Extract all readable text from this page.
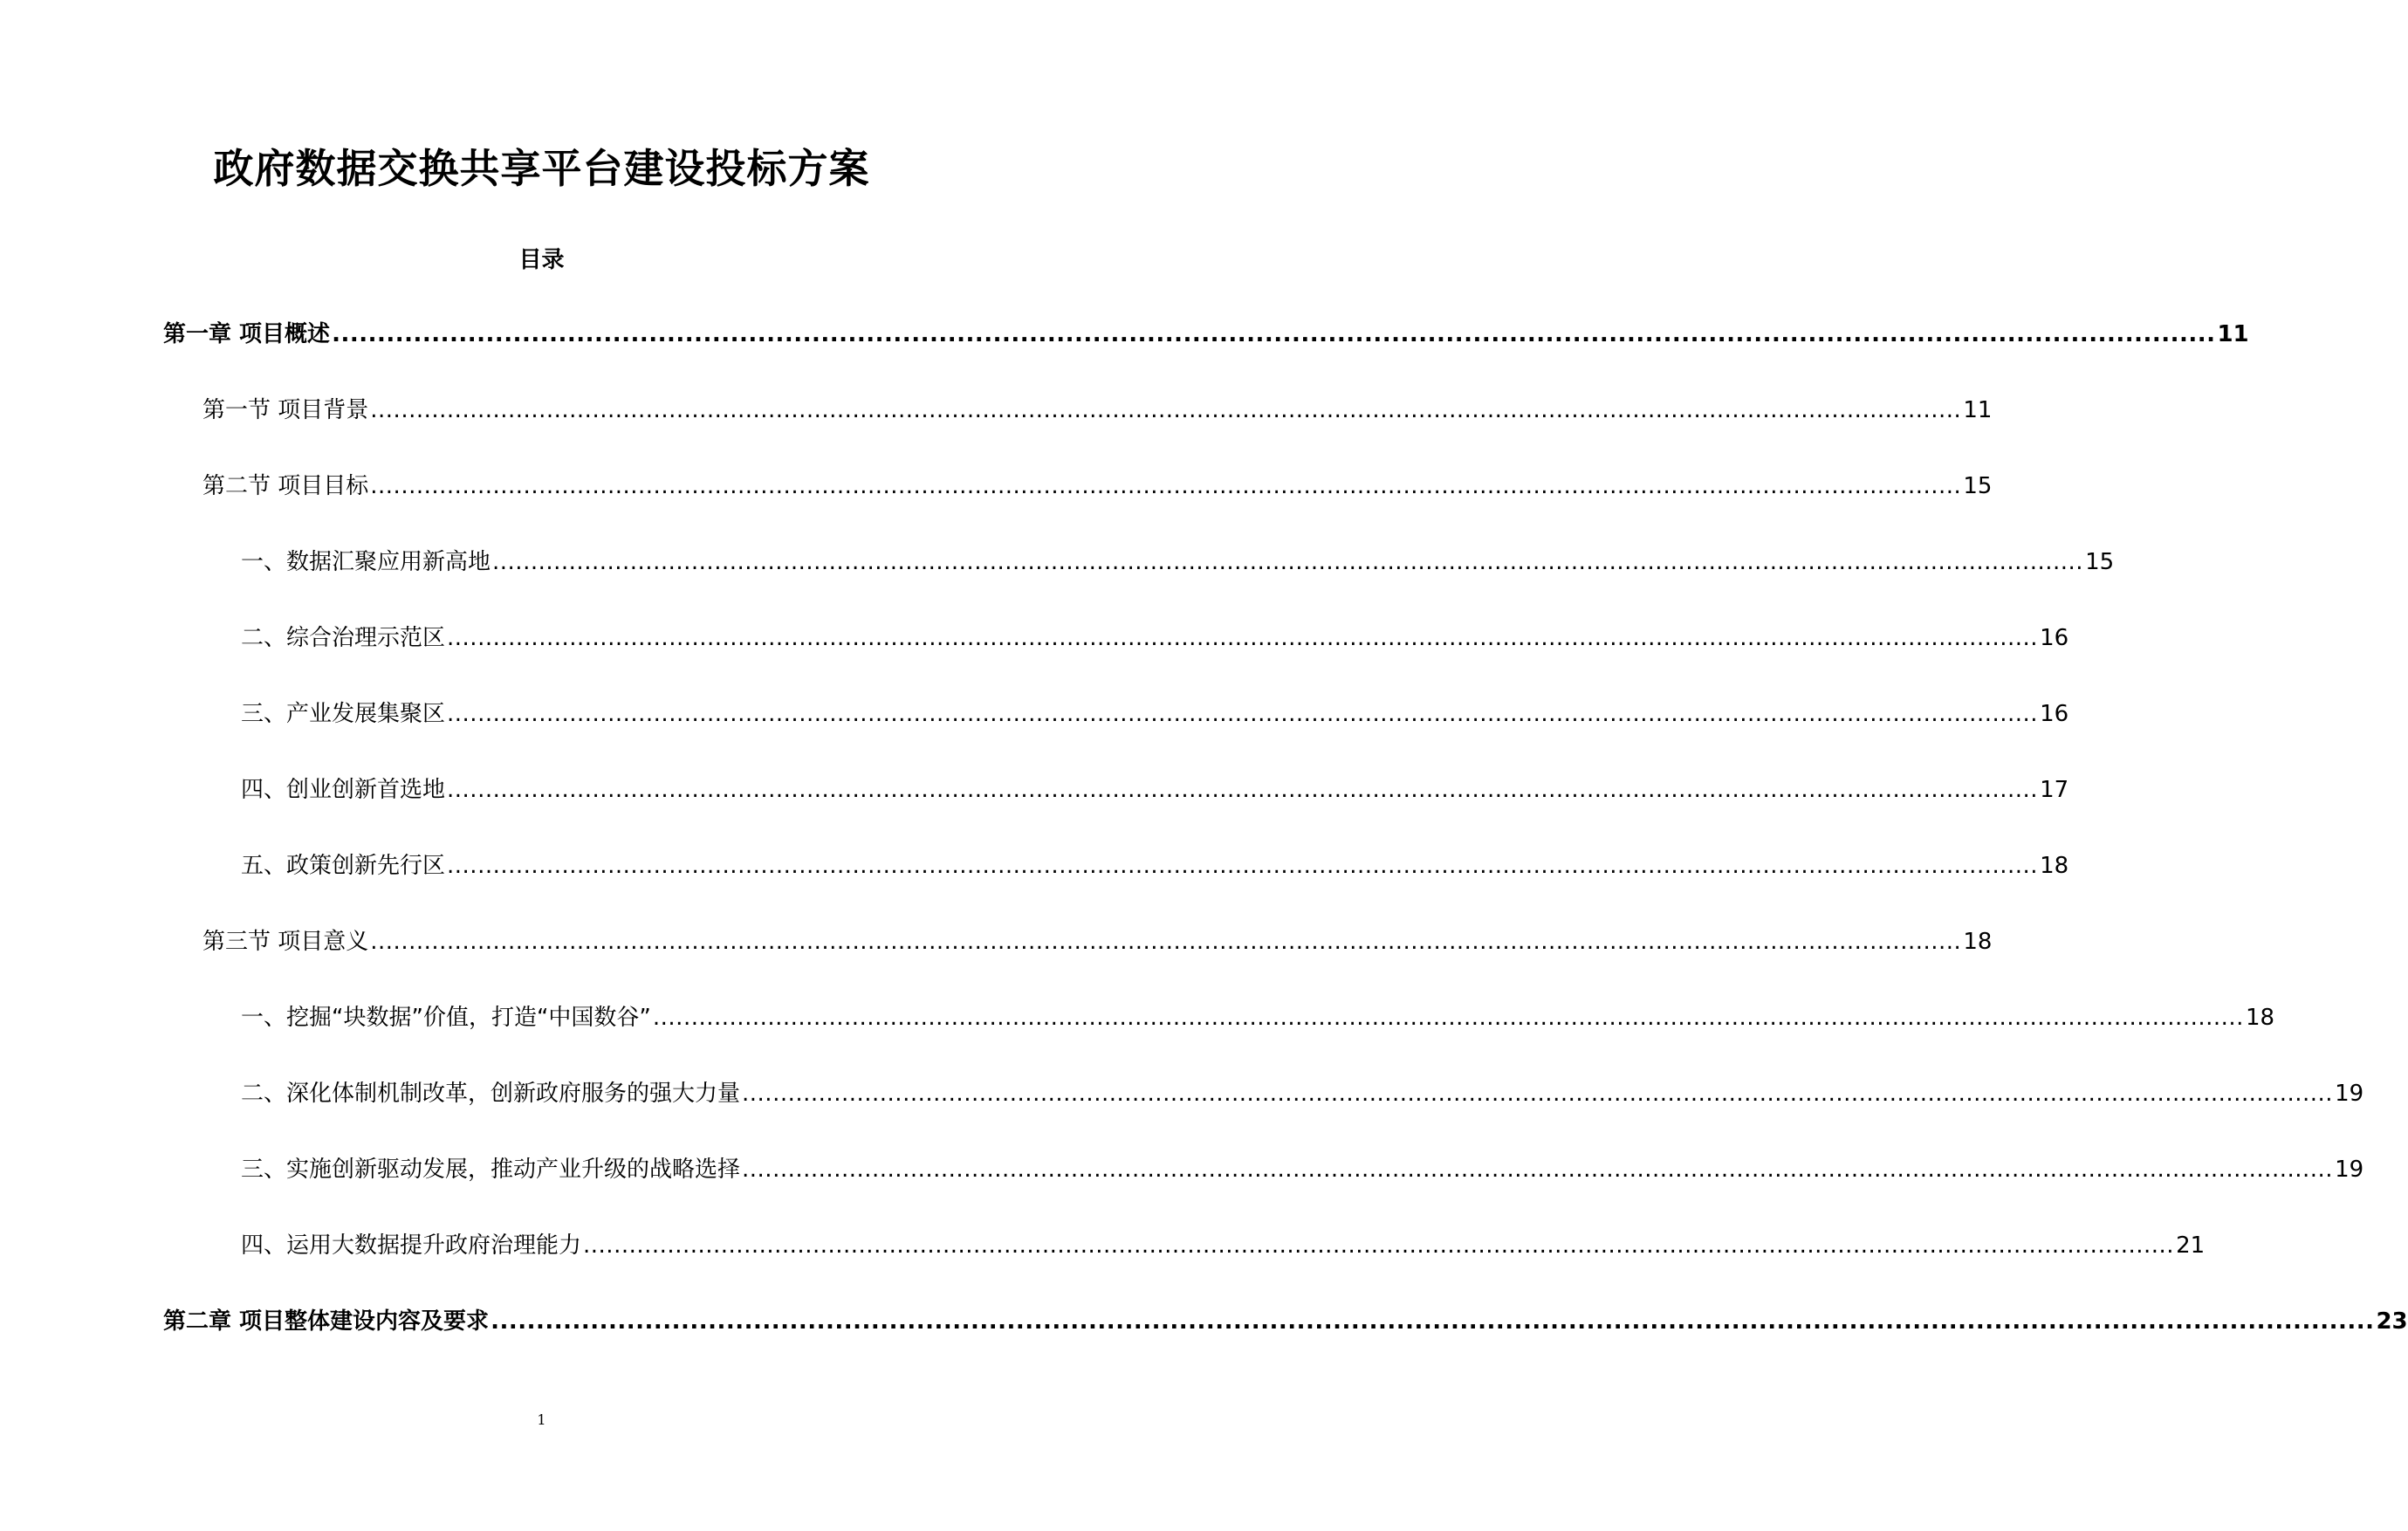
政府数据交换共享平台建设投标方案
目录
第一章 项目概述 ................................................................................................................................................................................................................ 11
第一节 项目背景 ................................................................................................................................................................................................................ 11
第二节 项目目标 ................................................................................................................................................................................................................ 15
一、数据汇聚应用新高地 ................................................................................................................................................................................................................ 15
二、综合治理示范区 ................................................................................................................................................................................................................ 16
三、产业发展集聚区 ................................................................................................................................................................................................................ 16
四、创业创新首选地 ................................................................................................................................................................................................................ 17
五、政策创新先行区 ................................................................................................................................................................................................................ 18
第三节 项目意义 ................................................................................................................................................................................................................ 18
一、挖掘“块数据”价值，打造“中国数谷” ................................................................................................................................................................................................................ 18
二、深化体制机制改革，创新政府服务的强大力量 ................................................................................................................................................................................................................ 19
三、实施创新驱动发展，推动产业升级的战略选择 ................................................................................................................................................................................................................ 19
四、运用大数据提升政府治理能力 ................................................................................................................................................................................................................ 21
第二章 项目整体建设内容及要求 ................................................................................................................................................................................................................ 23
1
